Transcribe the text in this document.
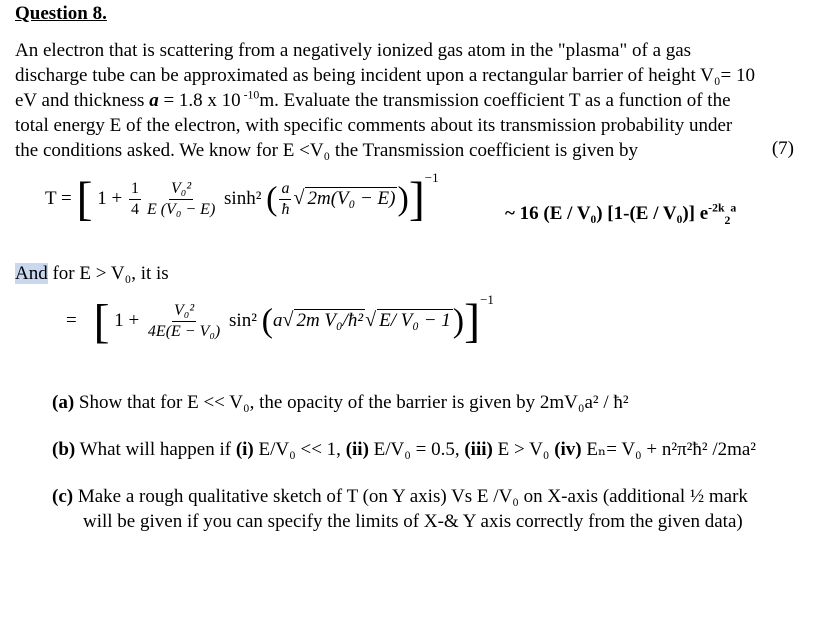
Question 8.
An electron that is scattering from a negatively ionized gas atom in the "plasma" of a gas
discharge tube can be approximated as being incident upon a rectangular barrier of height V₀= 10
eV and thickness a = 1.8 x 10 $^{-10}$m. Evaluate the transmission coefficient T as a function of the
total energy E of the electron, with specific comments about its transmission probability under
the conditions asked. We know for E <V₀ the Transmission coefficient is given by	(7)
T = [ $1 + \frac{1}{4} \frac{\text{V₀²}}{\text{E (V₀ − E)}} \sinh^2$ ( $\frac{a}{ħ}$ √ 2m(V₀ − E))]$^{-1}$
~ 16 (E / V₀) [1-(E / V₀)] $e^{-2k}_2^a$
And for E > V₀, it is
= [ $1 + \frac{\text{V₀²}}{\text{4E(E − V₀)}} \sin^2$ (a√ 2m V₀/ħ² √ E/ V₀ − 1)]$^{-1}$
(a) Show that for E << V₀, the opacity of the barrier is given by 2mV₀a² / ħ²
(b) What will happen if (i) E/V₀ << 1, (ii) E/V₀ = 0.5, (iii) E > V₀ (iv) Eₙ= V₀ + n²π²ħ² /2ma²
(c) Make a rough qualitative sketch of T (on Y axis) Vs E /V₀ on X-axis (additional ½ mark
will be given if you can specify the limits of X-& Y axis correctly from the given data)
